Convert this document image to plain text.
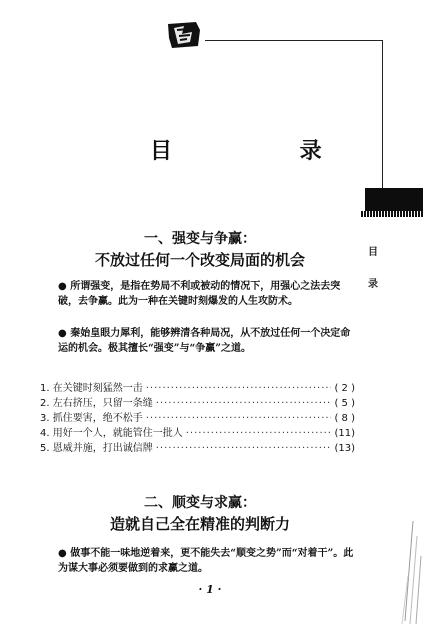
目
录
目 录
一、强变与争赢：
不放过任何一个改变局面的机会
● 所谓强变，是指在势局不利或被动的情况下，用强心之法去突破，去争赢。此为一种在关键时刻爆发的人生攻防术。
● 秦始皇眼力犀利，能够辨清各种局况，从不放过任何一个决定命运的机会。极其擅长“强变”与“争赢”之道。
1. 在关键时刻猛然一击 ·····	( 2 )
2. 左右挤压，只留一条缝 ·····	( 5 )
3. 抓住要害，绝不松手 ·····	( 8 )
4. 用好一个人，就能管住一批人 ·····	(11)
5. 恩威并施，打出诚信牌 ·····	(13)
二、顺变与求赢：
造就自己全在精准的判断力
● 做事不能一味地逆着来，更不能失去“顺变之势”而“对着干”。此为谋大事必须要做到的求赢之道。
· 1 ·
